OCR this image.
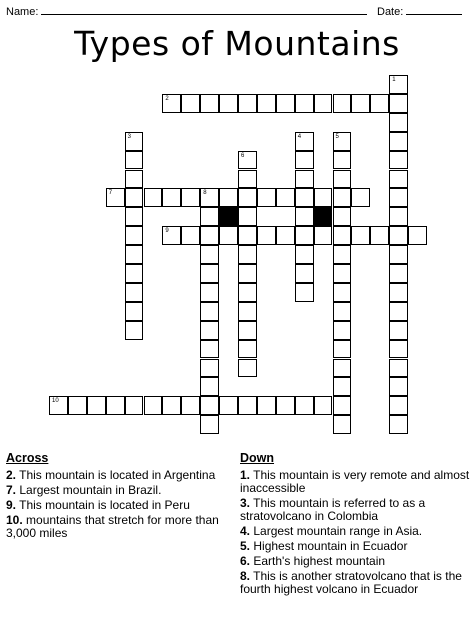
Name:	Date:
Types of Mountains
1
2
3	4	5
6
7	8
9
10
Across
2. This mountain is located in Argentina
7. Largest mountain in Brazil.
9. This mountain is located in Peru
10. mountains that stretch for more than 3,000 miles
Down
1. This mountain is very remote and almost inaccessible
3. This mountain is referred to as a stratovolcano in Colombia
4. Largest mountain range in Asia.
5. Highest mountain in Ecuador
6. Earth's highest mountain
8. This is another stratovolcano that is the fourth highest volcano in Ecuador
